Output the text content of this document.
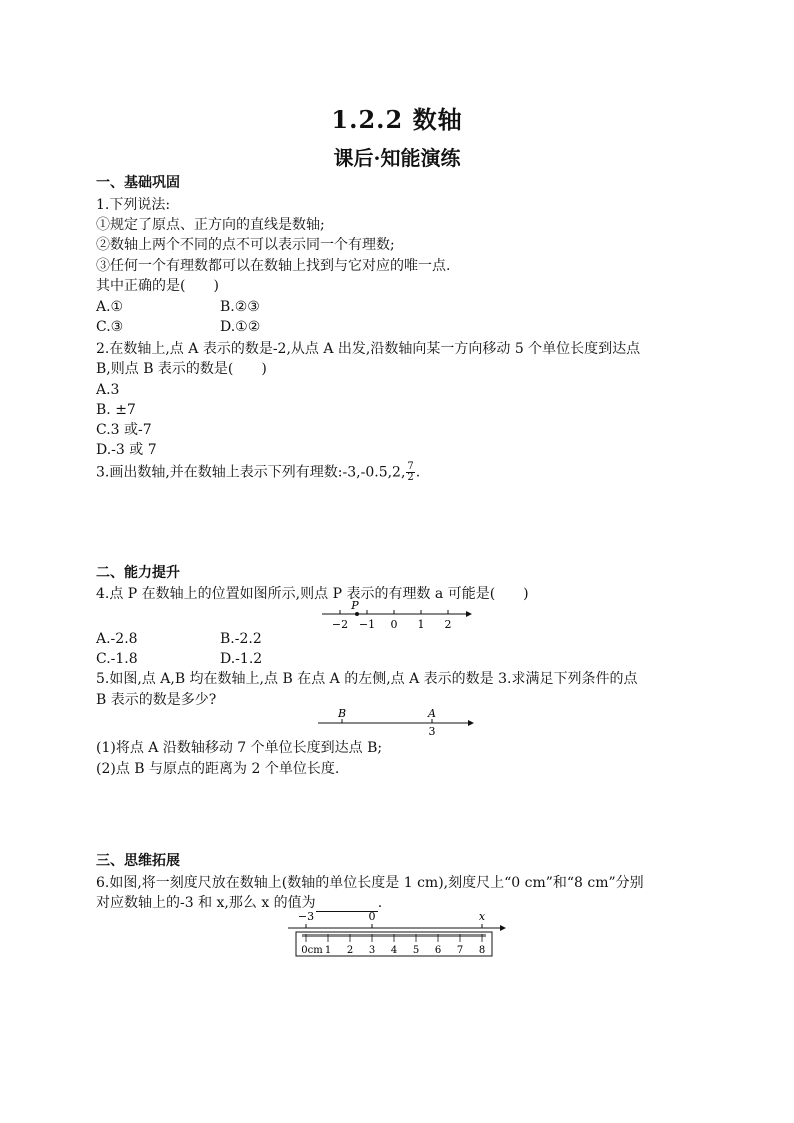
1.2.2 数轴
课后·知能演练
一、基础巩固
1.下列说法:
①规定了原点、正方向的直线是数轴;
②数轴上两个不同的点不可以表示同一个有理数;
③任何一个有理数都可以在数轴上找到与它对应的唯一点.
其中正确的是(　　)
A.①	B.②③
C.③	D.①②
2.在数轴上,点 A 表示的数是-2,从点 A 出发,沿数轴向某一方向移动 5 个单位长度到达点
B,则点 B 表示的数是(　　)
A.3
B. ±7
C.3 或-7
D.-3 或 7
3.画出数轴,并在数轴上表示下列有理数:-3,-0.5,2, $\frac{7}{2}$ .
二、能力提升
4.点 P 在数轴上的位置如图所示,则点 P 表示的有理数 a 可能是(　　)
P
−2 −1 0 1 2
A.-2.8	B.-2.2
C.-1.8	D.-1.2
5.如图,点 A,B 均在数轴上,点 B 在点 A 的左侧,点 A 表示的数是 3.求满足下列条件的点
B 表示的数是多少?
B	A
3
(1)将点 A 沿数轴移动 7 个单位长度到达点 B;
(2)点 B 与原点的距离为 2 个单位长度.
三、思维拓展
6.如图,将一刻度尺放在数轴上(数轴的单位长度是 1 cm),刻度尺上“0 cm”和“8 cm”分别
对应数轴上的-3 和 x,那么 x 的值为	.
−3	0	x
0cm 1 2 3 4 5 6 7 8
